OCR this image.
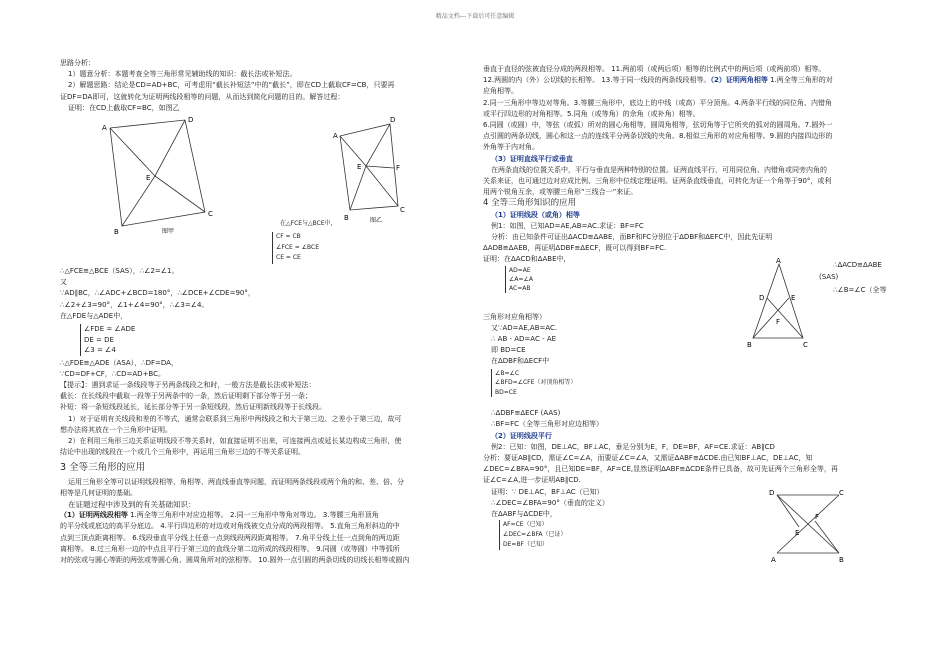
精品文档---下载后可任意编辑

思路分析：

1）题意分析：本题考查全等三角形常见辅助线的知识：截长法或补短法。

2）解题思路：结论是CD=AD+BC，可考虑用“截长补短法”中的“截长”，即在CD上截取CF=CB，只要再

证DF=DA即可，这就转化为证明两线段相等的问题，从而达到简化问题的目的。解答过程：

证明：在CD上截取CF=BC，如图乙

A
D
E
B
C
图甲
A
D
F
E
B
C
图乙
在△FCE与△BCE中，
CF = CB
∠FCE = ∠BCE
CE = CE

∴△FCE≌△BCE（SAS），∴∠2=∠1。

又

∵AD∥BC，∴∠ADC+∠BCD=180°，∴∠DCE+∠CDE=90°，

∴∠2+∠3=90°，∠1+∠4=90°，∴∠3=∠4。

在△FDE与△ADE中，

∠FDE = ∠ADE
DE = DE
∠3 = ∠4

∴△FDE≌△ADE（ASA），∴DF=DA，

∵CD=DF+CF，∴CD=AD+BC。

【提示】：遇到求证一条线段等于另两条线段之和时，一般方法是截长法或补短法：

截长：在长线段中截取一段等于另两条中的一条，然后证明剩下部分等于另一条；

补短：将一条短线段延长，延长部分等于另一条短线段，然后证明新线段等于长线段。

1）对于证明有关线段和差的不等式，通常会联系到三角形中两线段之和大于第三边、之差小于第三边，故可

想办法将其放在一个三角形中证明。

2）在利用三角形三边关系证明线段不等关系时，如直接证明不出来，可连接两点或延长某边构成三角形，使

结论中出现的线段在一个或几个三角形中，再运用三角形三边的不等关系证明。

3 全等三角形的应用

运用三角形全等可以证明线段相等、角相等、两直线垂直等问题，而证明两条线段或两个角的和、差、倍、分

相等是几何证明的基础。

在证题过程中涉及到的有关基础知识：

（1）证明两线段相等 1.两全等三角形中对应边相等。 2.同一三角形中等角对等边。 3.等腰三角形顶角

的平分线或底边的高平分底边。 4.平行四边形的对边或对角线被交点分成的两段相等。 5.直角三角形斜边的中

点到三顶点距离相等。 6.线段垂直平分线上任意一点到线段两段距离相等。 7.角平分线上任一点到角的两边距

离相等。 8.过三角形一边的中点且平行于第三边的直线分第二边所成的线段相等。 9.同圆（或等圆）中等弧所

对的弦或与圆心等距的两弦或等圆心角、圆周角所对的弦相等。 10.圆外一点引圆的两条切线的切线长相等或圆内

垂直于直径的弦被直径分成的两段相等。 11.两前项（或两后项）相等的比例式中的两后项（或两前项）相等。

12.两圆的内（外）公切线的长相等。 13.等于同一线段的两条线段相等。（2）证明两角相等 1.两全等三角形的对

应角相等。

2.同一三角形中等边对等角。3.等腰三角形中，底边上的中线（或高）平分顶角。4.两条平行线的同位角、内错角

或平行四边形的对角相等。5.同角（或等角）的余角（或补角）相等。

6.同圆（或圆）中，等弦（或弧）所对的圆心角相等，圆周角相等，弦切角等于它所夹的弧对的圆周角。7.圆外一

点引圆的两条切线，圆心和这一点的连线平分两条切线的夹角。8.相似三角形的对应角相等。9.圆的内接四边形的

外角等于内对角。

（3）证明直线平行或垂直

在两条直线的位置关系中，平行与垂直是两种特别的位置。证两直线平行，可用同位角、内错角或同旁内角的

关系来证，也可通过边对应成比例、三角形中位线定理证明。证两条直线垂直，可转化为证一个角等于90°，或利

用两个锐角互余，或等腰三角形“三线合一”来证。

4 全等三角形知识的应用

（1）证明线段（或角）相等

例1：如图，已知AD=AE,AB=AC.求证：BF=FC

分析：由已知条件可证出ΔACD≌ΔABE，而BF和FC分别位于ΔDBF和ΔEFC中，因此先证明

ΔADB≌ΔAEB，再证明ΔDBF≌ΔECF，既可以得到BF=FC.

证明：在ΔACD和ΔABE中,

AD=AE
∠A=∠A
AC=AB
A
D	E
F
B	C
∴ΔACD≌ΔABE
(SAS)
∴∠B=∠C（全等

三角形对应角相等）

又∵AD=AE,AB=AC.

∴ AB - AD=AC - AE

即 BD=CE

在ΔDBF和ΔECF中

∠B=∠C
∠BFD=∠CFE（对顶角相等）
BD=CE

∴ΔDBF≌ΔECF (AAS)

∴BF=FC（全等三角形对应边相等）

（2）证明线段平行

例2：已知：如图，DE⊥AC，BF⊥AC，垂足分别为E，F，DE=BF，AF=CE.求证：AB∥CD

分析：要证AB∥CD，需证∠C=∠A，而要证∠C=∠A，又需证ΔABF≌ΔCDE.由已知BF⊥AC，DE⊥AC，知

∠DEC=∠BFA=90°，且已知DE=BF，AF=CE,显然证明ΔABF≌ΔCDE条件已具备，故可先证两个三角形全等，再

证∠C=∠A,进一步证明AB∥CD.

证明：∵ DE⊥AC，BF⊥AC（已知）
∴∠DEC=∠BFA=90°（垂直的定义）
在ΔABF与ΔCDE中，
AF=CE（已知）
∠DEC=∠BFA（已证）
DE=BF（已知）
D	C
E
F
A	B
